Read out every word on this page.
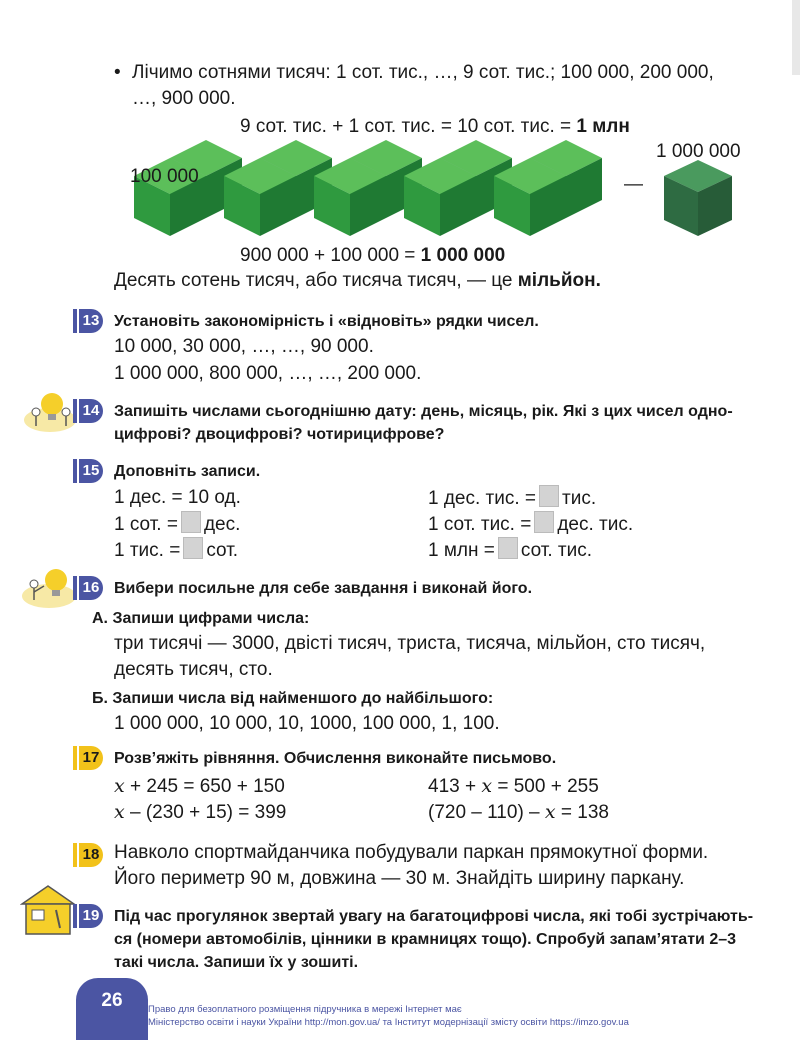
• Лічимо сотнями тисяч: 1 сот. тис., …, 9 сот. тис.; 100 000, 200 000,
…, 900 000.
9 сот. тис. + 1 сот. тис. = 10 сот. тис. = 1 млн
100 000
1 000 000
—
900 000 + 100 000 = 1 000 000
Десять сотень тисяч, або тисяча тисяч, — це мільйон.
13 Установіть закономірність і «відновіть» рядки чисел.
10 000, 30 000, …, …, 90 000.
1 000 000, 800 000, …, …, 200 000.
14 Запишіть числами сьогоднішню дату: день, місяць, рік. Які з цих чисел одно-
цифрові? двоцифрові? чотирицифрове?
15 Доповніть записи.
1 дес. = 10 од.
1 сот. = дес.
1 тис. = сот.
1 дес. тис. = тис.
1 сот. тис. = дес. тис.
1 млн = сот. тис.
16 Вибери посильне для себе завдання і виконай його.
А. Запиши цифрами числа:
три тисячі — 3000, двісті тисяч, триста, тисяча, мільйон, сто тисяч,
десять тисяч, сто.
Б. Запиши числа від найменшого до найбільшого:
1 000 000, 10 000, 10, 1000, 100 000, 1, 100.
17 Розв’яжіть рівняння. Обчислення виконайте письмово.
x + 245 = 650 + 150
x – (230 + 15) = 399
413 + x = 500 + 255
(720 – 110) – x = 138
18 Навколо спортмайданчика побудували паркан прямокутної форми.
Його периметр 90 м, довжина — 30 м. Знайдіть ширину паркану.
19 Під час прогулянок звертай увагу на багатоцифрові числа, які тобі зустрічають-
ся (номери автомобілів, цінники в крамницях тощо). Спробуй запам’ятати 2–3
такі числа. Запиши їх у зошиті.
26	Право для безоплатного розміщення підручника в мережі Інтернет має
Міністерство освіти і науки України http://mon.gov.ua/ та Інститут модернізації змісту освіти https://imzo.gov.ua
